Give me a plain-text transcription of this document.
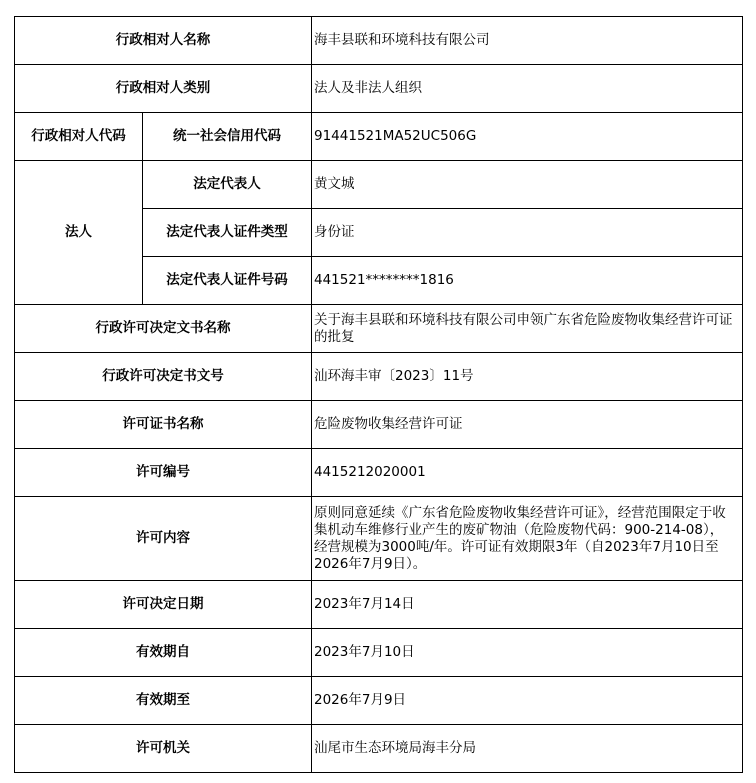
行政相对人名称		海丰县联和环境科技有限公司
行政相对人类别		法人及非法人组织
行政相对人代码	统一社会信用代码	91441521MA52UC506G
法人	法定代表人	黄文城
	法定代表人证件类型	身份证
	法定代表人证件号码	441521********1816
行政许可决定文书名称		关于海丰县联和环境科技有限公司申领广东省危险废物收集经营许可证的批复
行政许可决定书文号		汕环海丰审〔2023〕11号
许可证书名称		危险废物收集经营许可证
许可编号		4415212020001
许可内容		原则同意延续《广东省危险废物收集经营许可证》，经营范围限定于收集机动车维修行业产生的废矿物油（危险废物代码：900-214-08），经营规模为3000吨/年。许可证有效期限3年（自2023年7月10日至2026年7月9日）。
许可决定日期		2023年7月14日
有效期自		2023年7月10日
有效期至		2026年7月9日
许可机关		汕尾市生态环境局海丰分局
